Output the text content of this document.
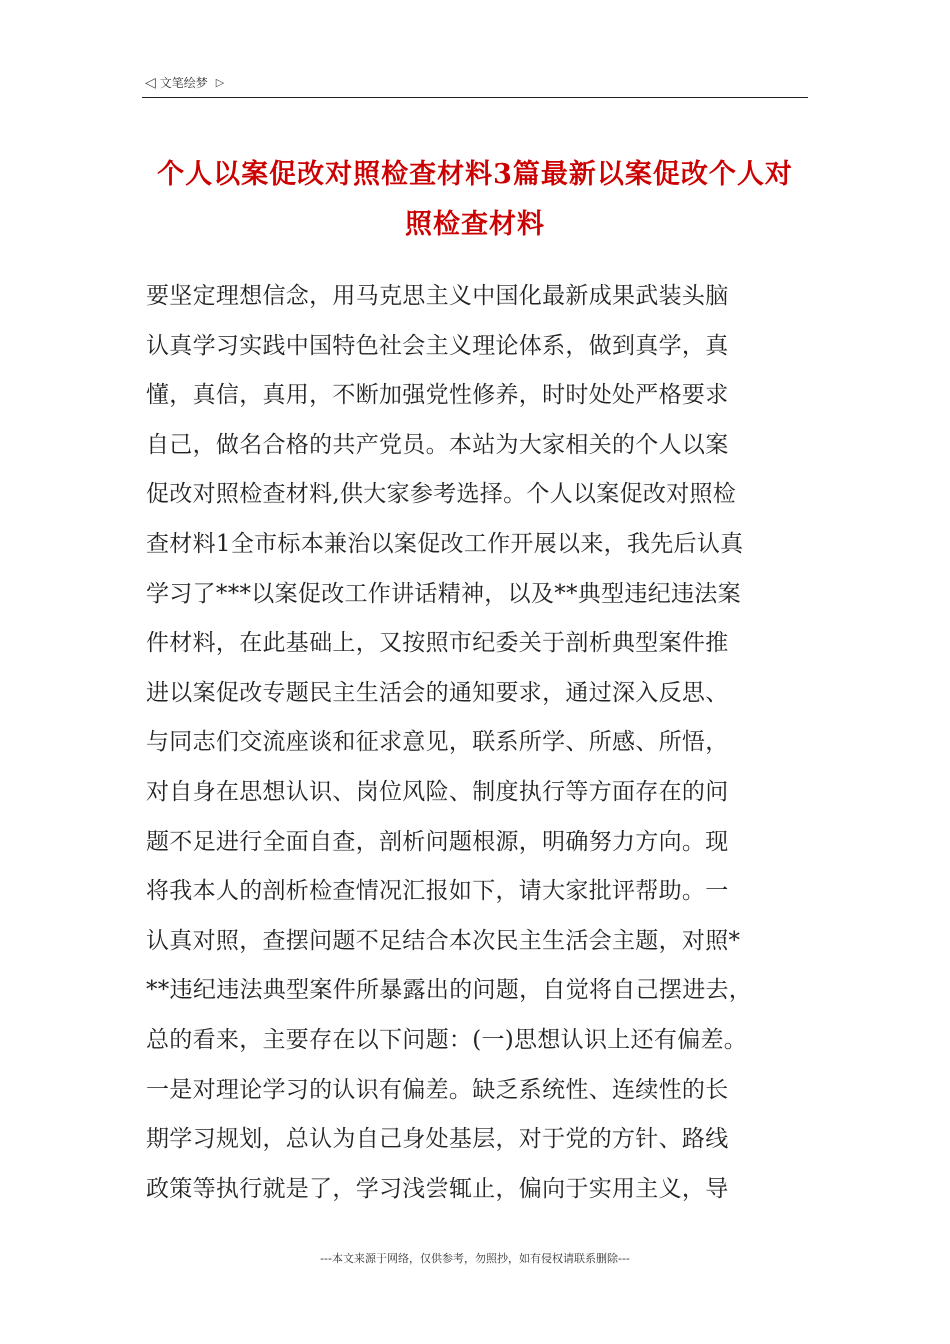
◁ 文笔绘梦 ▷
个人以案促改对照检查材料3篇最新以案促改个人对
照检查材料
要坚定理想信念，用马克思主义中国化最新成果武装头脑
认真学习实践中国特色社会主义理论体系，做到真学，真
懂，真信，真用，不断加强党性修养，时时处处严格要求
自己，做名合格的共产党员。本站为大家相关的个人以案
促改对照检查材料,供大家参考选择。个人以案促改对照检
查材料1全市标本兼治以案促改工作开展以来，我先后认真
学习了***以案促改工作讲话精神，以及**典型违纪违法案
件材料，在此基础上，又按照市纪委关于剖析典型案件推
进以案促改专题民主生活会的通知要求，通过深入反思、
与同志们交流座谈和征求意见，联系所学、所感、所悟，
对自身在思想认识、岗位风险、制度执行等方面存在的问
题不足进行全面自查，剖析问题根源，明确努力方向。现
将我本人的剖析检查情况汇报如下，请大家批评帮助。一
认真对照，查摆问题不足结合本次民主生活会主题，对照*
**违纪违法典型案件所暴露出的问题，自觉将自己摆进去，
总的看来，主要存在以下问题：(一)思想认识上还有偏差。
一是对理论学习的认识有偏差。缺乏系统性、连续性的长
期学习规划，总认为自己身处基层，对于党的方针、路线
政策等执行就是了，学习浅尝辄止，偏向于实用主义，导
---本文来源于网络，仅供参考，勿照抄，如有侵权请联系删除---
